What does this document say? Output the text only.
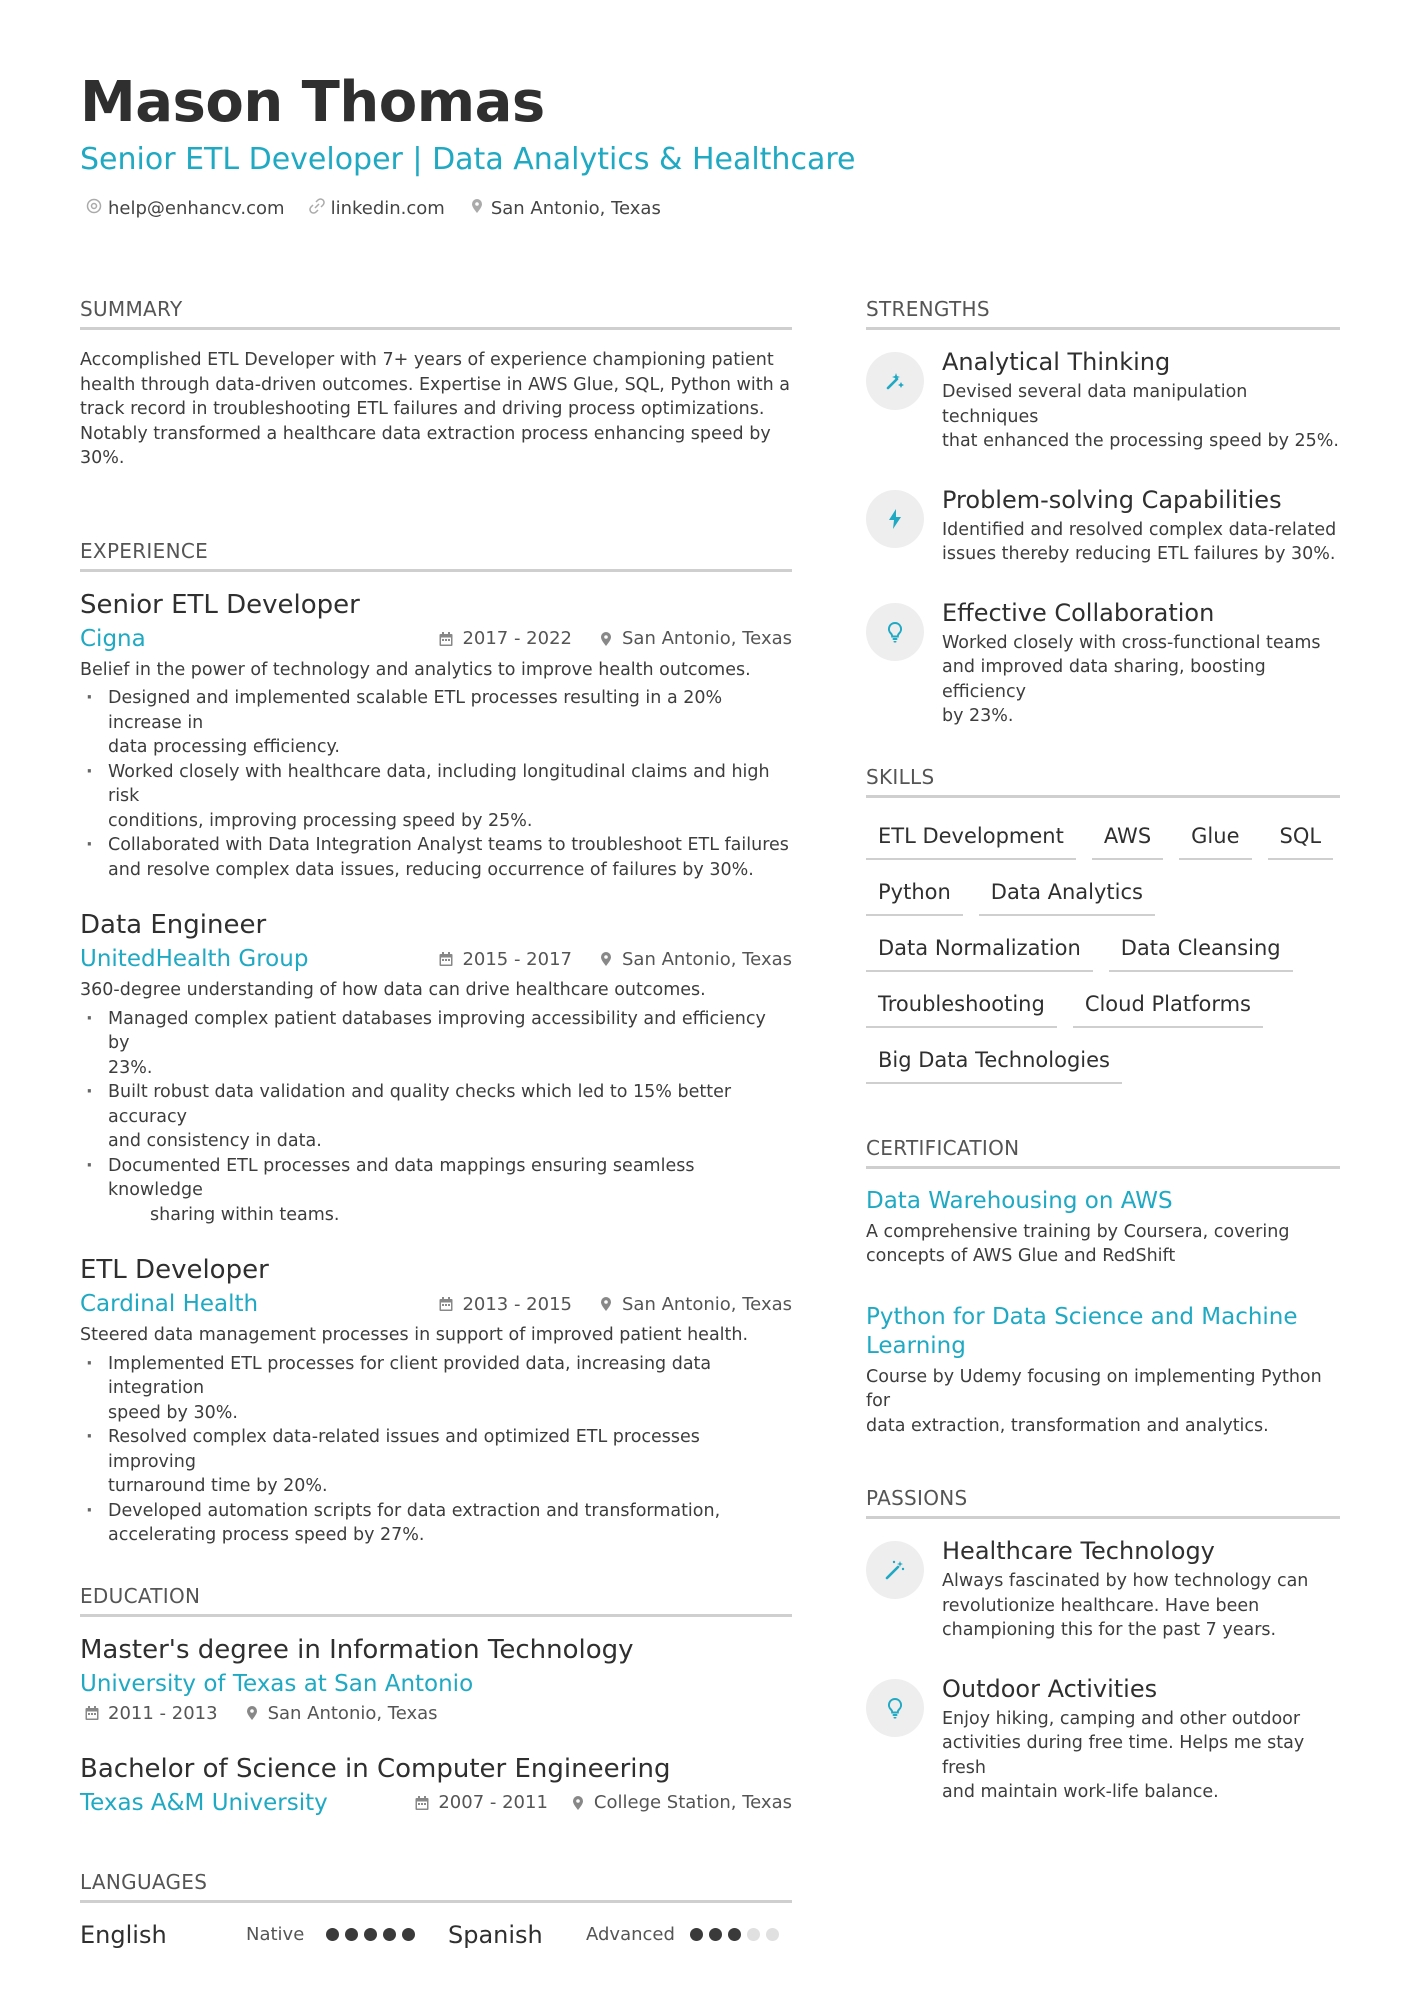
Mason Thomas
Senior ETL Developer | Data Analytics & Healthcare
help@enhancv.com	linkedin.com	San Antonio, Texas
SUMMARY
Accomplished ETL Developer with 7+ years of experience championing patient
health through data-driven outcomes. Expertise in AWS Glue, SQL, Python with a
track record in troubleshooting ETL failures and driving process optimizations.
Notably transformed a healthcare data extraction process enhancing speed by 30%.
EXPERIENCE
Senior ETL Developer
Cigna	2017 - 2022	San Antonio, Texas
Belief in the power of technology and analytics to improve health outcomes.
· Designed and implemented scalable ETL processes resulting in a 20% increase in
data processing efficiency.
· Worked closely with healthcare data, including longitudinal claims and high risk
conditions, improving processing speed by 25%.
· Collaborated with Data Integration Analyst teams to troubleshoot ETL failures
and resolve complex data issues, reducing occurrence of failures by 30%.
Data Engineer
UnitedHealth Group	2015 - 2017	San Antonio, Texas
360-degree understanding of how data can drive healthcare outcomes.
· Managed complex patient databases improving accessibility and efficiency by
23%.
· Built robust data validation and quality checks which led to 15% better accuracy
and consistency in data.
· Documented ETL processes and data mappings ensuring seamless knowledge
sharing within teams.
ETL Developer
Cardinal Health	2013 - 2015	San Antonio, Texas
Steered data management processes in support of improved patient health.
· Implemented ETL processes for client provided data, increasing data integration
speed by 30%.
· Resolved complex data-related issues and optimized ETL processes improving
turnaround time by 20%.
· Developed automation scripts for data extraction and transformation,
accelerating process speed by 27%.
EDUCATION
Master's degree in Information Technology
University of Texas at San Antonio
2011 - 2013	San Antonio, Texas
Bachelor of Science in Computer Engineering
Texas A&M University	2007 - 2011	College Station, Texas
LANGUAGES
English	Native	Spanish	Advanced
STRENGTHS
Analytical Thinking
Devised several data manipulation techniques
that enhanced the processing speed by 25%.
Problem-solving Capabilities
Identified and resolved complex data-related
issues thereby reducing ETL failures by 30%.
Effective Collaboration
Worked closely with cross-functional teams
and improved data sharing, boosting efficiency
by 23%.
SKILLS
ETL Development	AWS	Glue	SQL
Python	Data Analytics
Data Normalization	Data Cleansing
Troubleshooting	Cloud Platforms
Big Data Technologies
CERTIFICATION
Data Warehousing on AWS
A comprehensive training by Coursera, covering
concepts of AWS Glue and RedShift
Python for Data Science and Machine
Learning
Course by Udemy focusing on implementing Python for
data extraction, transformation and analytics.
PASSIONS
Healthcare Technology
Always fascinated by how technology can
revolutionize healthcare. Have been
championing this for the past 7 years.
Outdoor Activities
Enjoy hiking, camping and other outdoor
activities during free time. Helps me stay fresh
and maintain work-life balance.
